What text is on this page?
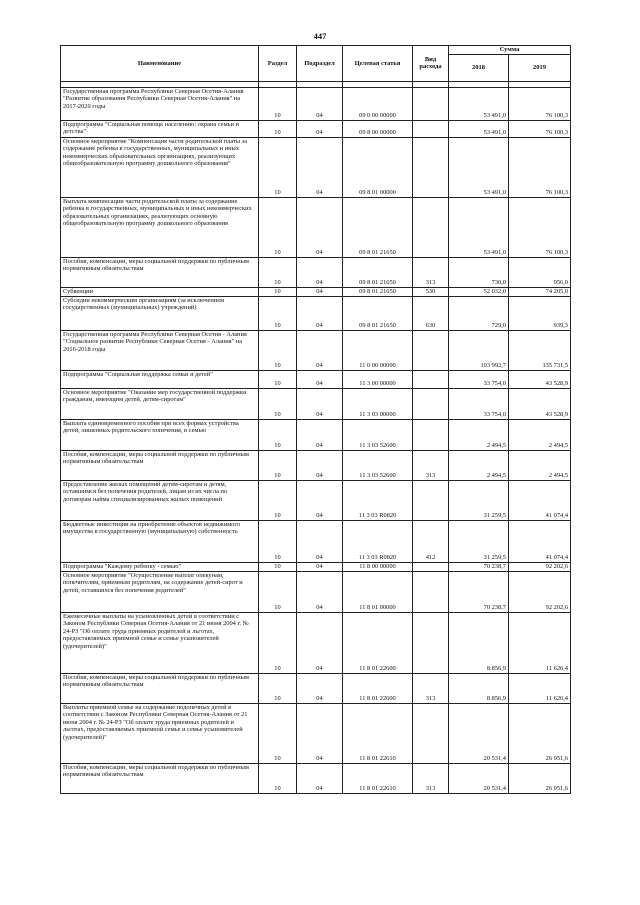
447
Наименование	Раздел	Подраздел	Целевая статья	Вид расхода	Сумма	
					2018	2019

Государственная программа Республики Северная Осетия-Алания "Развитие образования Республики Северная Осетия-Алания" на 2017-2020 годы	10	04	09 0 00 00000		53 491,0	76 100,3
Подпрограмма "Социальная помощь населению: охрана семьи и детства"	10	04	09 8 00 00000		53 491,0	76 100,3
Основное мероприятие "Компенсация части родительской платы за содержание ребенка в государственных, муниципальных и иных некоммерческих образовательных организациях, реализующих общеобразовательную программу дошкольного образования"	10	04	09 8 01 00000		53 491,0	76 100,3
Выплата компенсации части родительской платы за содержание ребенка в государственных, муниципальных и иных некоммерческих образовательных организациях, реализующих основную общеобразовательную программу дошкольного образования	10	04	09 8 01 21650		53 491,0	76 100,3
Пособия, компенсации, меры социальной поддержки по публичным нормативным обязательствам	10	04	09 8 01 21650	313	730,0	956,0
Субвенции	10	04	09 8 01 21650	530	52 032,0	74 205,0
Субсидии некоммерческим организациям (за исключением государственных (муниципальных) учреждений)	10	04	09 8 01 21650	630	729,0	939,3
Государственная программа Республики Северная Осетия - Алания "Социальное развитие Республики Северная Осетия - Алания" на 2016-2018 годы	10	04	11 0 00 00000		103 992,7	135 731,5
Подпрограмма "Социальная поддержка семьи и детей"	10	04	11 3 00 00000		33 754,0	43 528,9
Основное мероприятие "Оказание мер государственной поддержки гражданам, имеющим детей, детям-сиротам"	10	04	11 3 03 00000		33 754,0	43 528,9
Выплата единовременного пособия при всех формах устройства детей, лишенных родительского попечения, в семью	10	04	11 3 03 52600		2 494,5	2 494,5
Пособия, компенсации, меры социальной поддержки по публичным нормативным обязательствам	10	04	11 3 03 52600	313	2 494,5	2 494,5
Предоставление жилых помещений детям-сиротам и детям, оставшимся без попечения родителей, лицам из их числа по договорам найма специализированных жилых помещений	10	04	11 3 03 R0820		31 259,5	41 074,4
Бюджетные инвестиции на приобретение объектов недвижимого имущества в государственную (муниципальную) собственность	10	04	11 3 03 R0820	412	31 259,5	41 074,4
Подпрограмма "Каждому ребенку - семью"	10	04	11 8 00 00000		70 238,7	92 202,6
Основное мероприятие "Осуществление выплат опекунам, попечителям, приемным родителям, на содержание детей-сирот и детей, оставшихся без попечения родителей"	10	04	11 8 01 00000		70 238,7	92 202,6
Ежемесячные выплаты на усыновленных детей в соответствии с Законом Республики Северная Осетия-Алания от 21 июня 2004 г. № 24-РЗ "Об оплате труда приемных родителей и льготах, предоставляемых приемной семье и семье усыновителей (удочерителей)"	10	04	11 8 01 22600		8 856,9	11 626,4
Пособия, компенсации, меры социальной поддержки по публичным нормативным обязательствам	10	04	11 8 01 22600	313	8 856,9	11 626,4
Выплаты приемной семье на содержание подопечных детей в соответствии с Законом Республики Северная Осетия-Алания от 21 июня 2004 г. № 24-РЗ "Об оплате труда приемных родителей и льготах, предоставляемых приемной семье и семье усыновителей (удочерителей)"	10	04	11 8 01 22610		20 531,4	26 951,6
Пособия, компенсации, меры социальной поддержки по публичным нормативным обязательствам	10	04	11 8 01 22610	313	20 531,4	26 951,6
